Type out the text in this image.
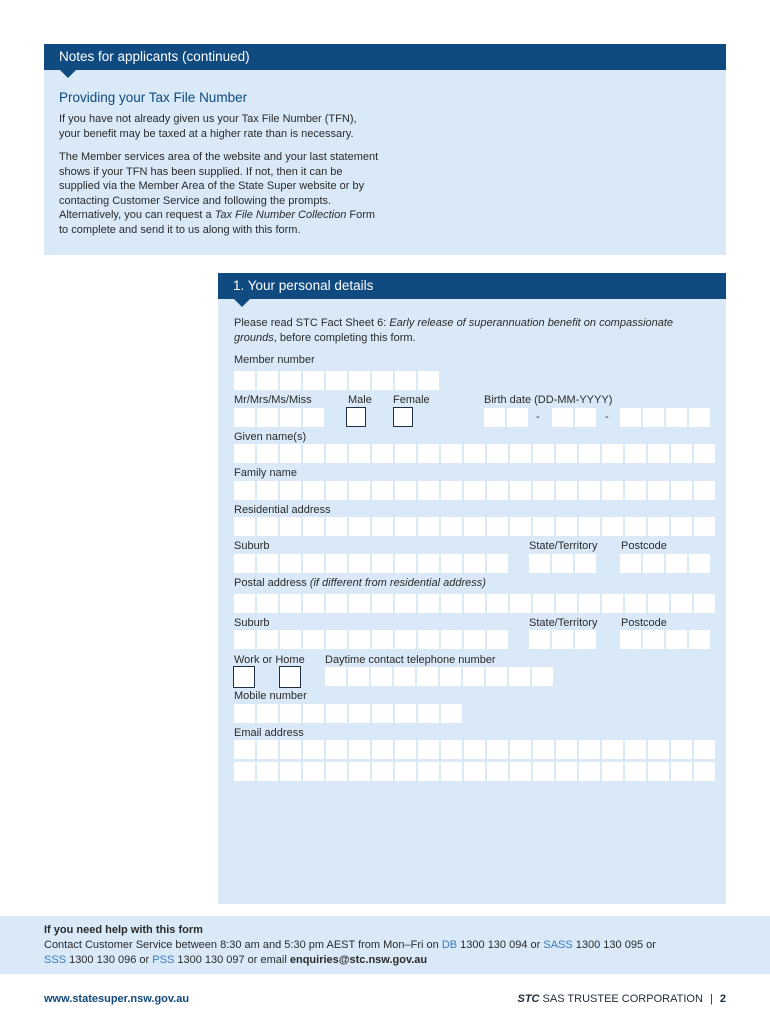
Notes for applicants (continued)
Providing your Tax File Number
If you have not already given us your Tax File Number (TFN), your benefit may be taxed at a higher rate than is necessary.
The Member services area of the website and your last statement shows if your TFN has been supplied. If not, then it can be supplied via the Member Area of the State Super website or by contacting Customer Service and following the prompts. Alternatively, you can request a Tax File Number Collection Form to complete and send it to us along with this form.
1. Your personal details
Please read STC Fact Sheet 6: Early release of superannuation benefit on compassionate grounds, before completing this form.
Member number
Mr/Mrs/Ms/Miss	Male Female	Birth date (DD-MM-YYYY)
-	-
Given name(s)
Family name
Residential address
Suburb	State/Territory Postcode
Postal address (if different from residential address)
Suburb	State/Territory Postcode
Work or Home Daytime contact telephone number
Mobile number
Email address
If you need help with this form
Contact Customer Service between 8:30 am and 5:30 pm AEST from Mon–Fri on DB 1300 130 094 or SASS 1300 130 095 or
SSS 1300 130 096 or PSS 1300 130 097 or email enquiries@stc.nsw.gov.au
www.statesuper.nsw.gov.au	STC SAS TRUSTEE CORPORATION | 2
